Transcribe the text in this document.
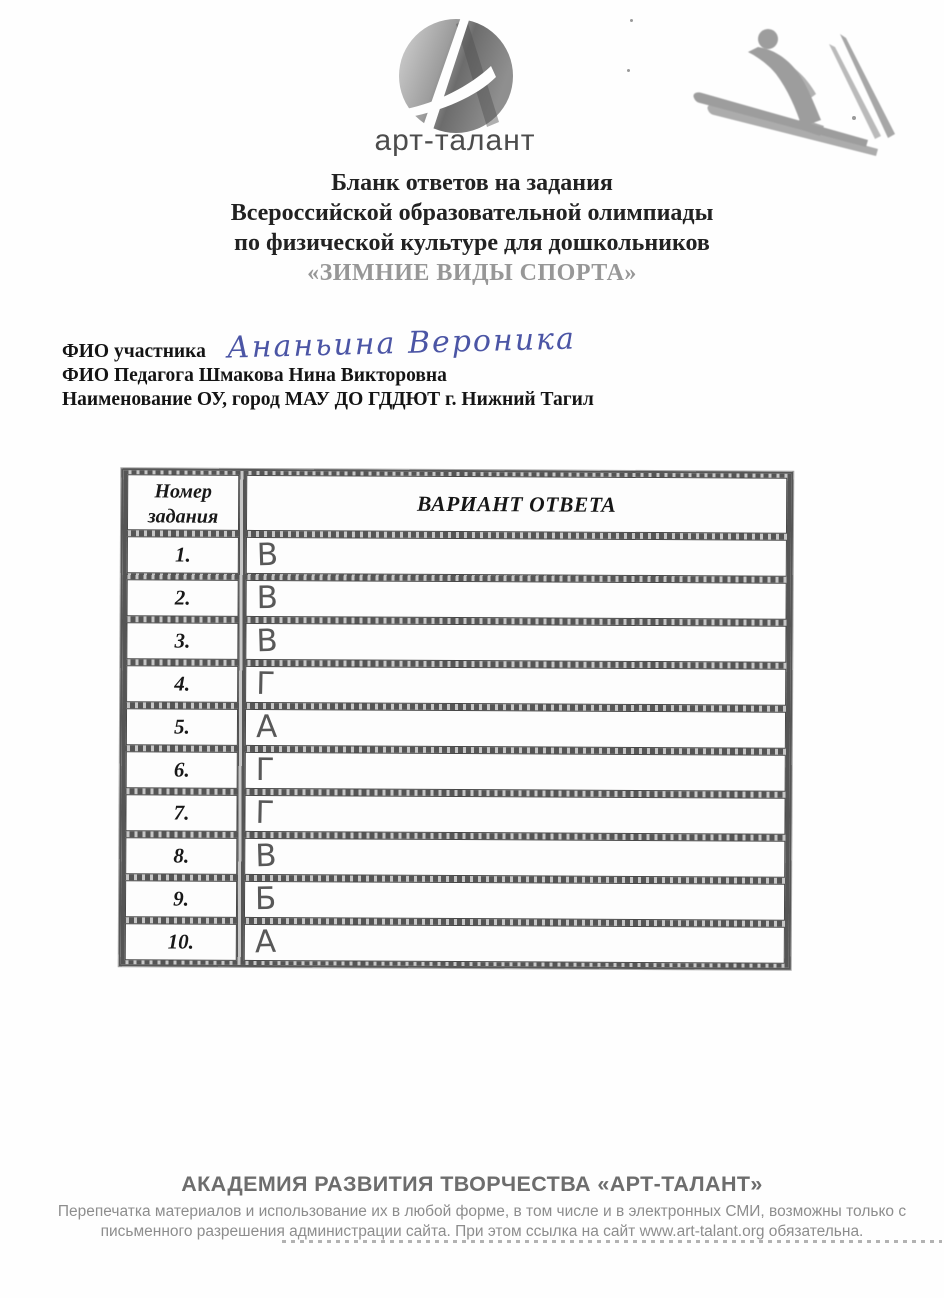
арт-талант
Бланк ответов на задания
Всероссийской образовательной олимпиады
по физической культуре для дошкольников
«ЗИМНИЕ ВИДЫ СПОРТА»
ФИО участника Ананьина Вероника
ФИО Педагога Шмакова Нина Викторовна
Наименование ОУ, город МАУ ДО ГДДЮТ г. Нижний Тагил
Номер задания	ВАРИАНТ ОТВЕТА
1.	В
2.	В
3.	В
4.	Г
5.	А
6.	Г
7.	Г
8.	В
9.	Б
10.	А
АКАДЕМИЯ РАЗВИТИЯ ТВОРЧЕСТВА «АРТ-ТАЛАНТ»
Перепечатка материалов и использование их в любой форме, в том числе и в электронных СМИ, возможны только с
письменного разрешения администрации сайта. При этом ссылка на сайт www.art-talant.org обязательна.
